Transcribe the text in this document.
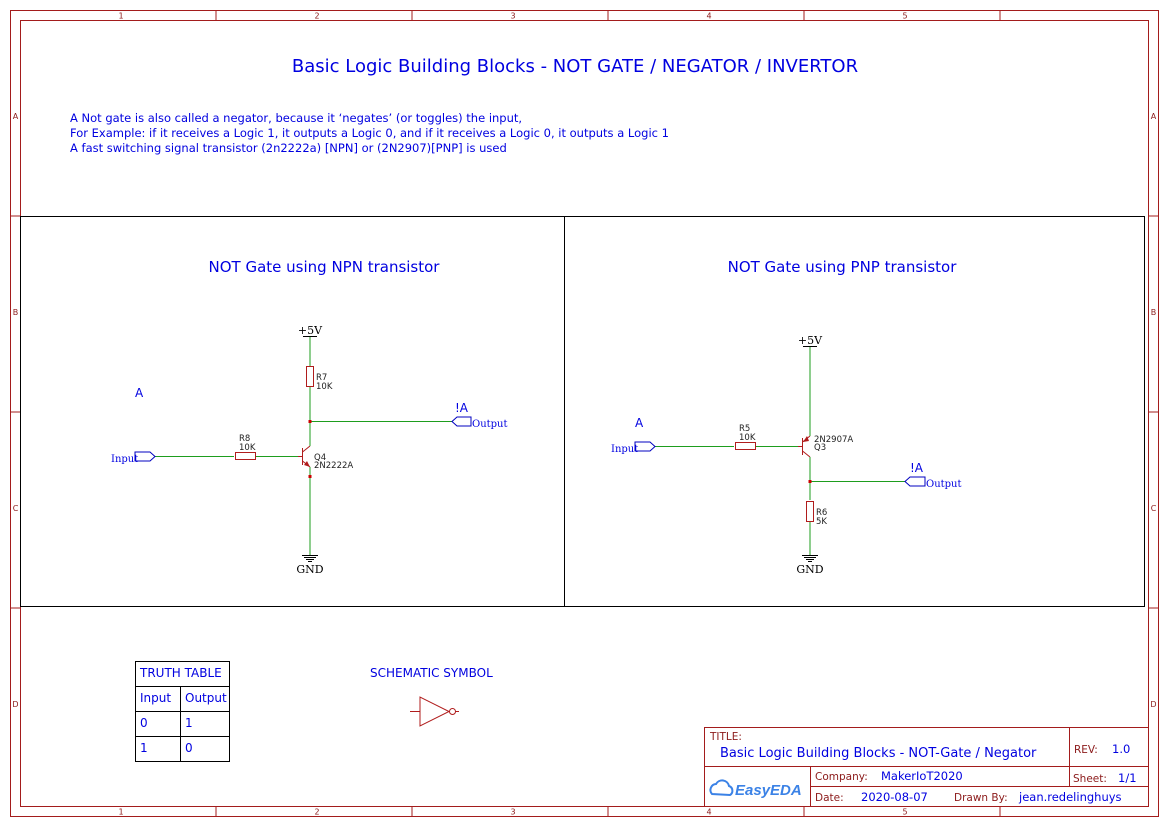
1	2	3	4	5
1	2	3	4	5
A
B
C
D
A
B
C
D
Basic Logic Building Blocks - NOT GATE / NEGATOR / INVERTOR
A Not gate is also called a negator, because it ‘negates’ (or toggles) the input,
For Example: if it receives a Logic 1, it outputs a Logic 0, and if it receives a Logic 0, it outputs a Logic 1
A fast switching signal transistor (2n2222a) [NPN] or (2N2907)[PNP] is used
NOT Gate using NPN transistor
+5V
R7
10K
R8
10K
Q4
2N2222A
GND
Input
A
Output
!A
NOT Gate using PNP transistor
+5V
R5
10K
R6
5K
2N2907A
Q3
GND
Input
A
Output
!A
TRUTH TABLE
Input Output
0	1
1	0
SCHEMATIC SYMBOL
TITLE:
Basic Logic Building Blocks - NOT-Gate / Negator	REV: 1.0
Company: MakerIoT2020	Sheet: 1/1
Date: 2020-08-07 Drawn By: jean.redelinghuys
EasyEDA
